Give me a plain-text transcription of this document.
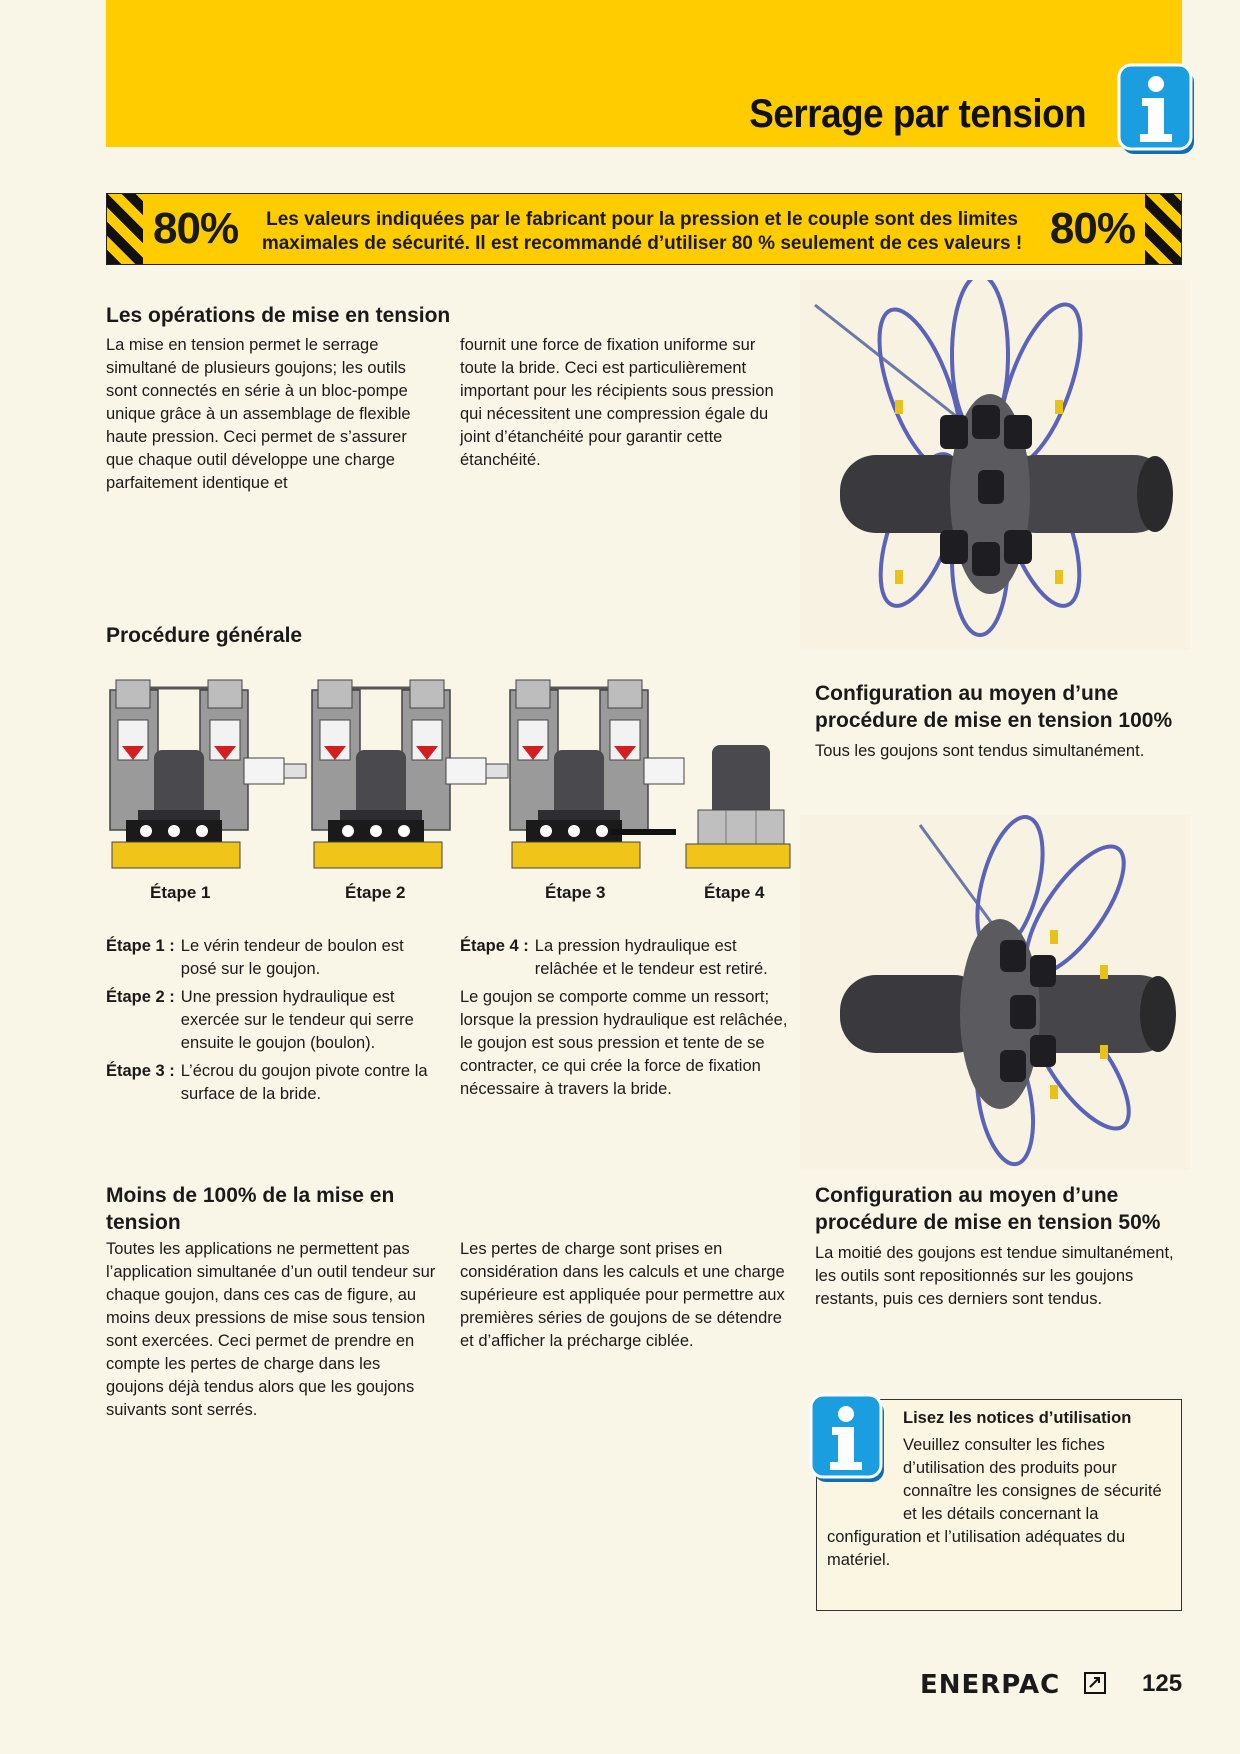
Serrage par tension
80%	Les valeurs indiquées par le fabricant pour la pression et le couple sont des limites
maximales de sécurité. Il est recommandé d’utiliser 80 % seulement de ces valeurs ! 80%
Les opérations de mise en tension
La mise en tension permet le serrage simultané de plusieurs goujons; les outils sont connectés en série à un bloc-pompe unique grâce à un assemblage de flexible haute pression. Ceci permet de s’assurer que chaque outil développe une charge parfaitement identique et
fournit une force de fixation uniforme sur toute la bride. Ceci est particulièrement important pour les récipients sous pression qui nécessitent une compression égale du joint d’étanchéité pour garantir cette étanchéité.
Procédure générale
Étape 1	Étape 2	Étape 3	Étape 4
Étape 1 : Le vérin tendeur de boulon est posé sur le goujon.
Étape 2 : Une pression hydraulique est exercée sur le tendeur qui serre ensuite le goujon (boulon).
Étape 3 : L’écrou du goujon pivote contre la surface de la bride.
Étape 4 : La pression hydraulique est relâchée et le tendeur est retiré.
Le goujon se comporte comme un ressort; lorsque la pression hydraulique est relâchée, le goujon est sous pression et tente de se contracter, ce qui crée la force de fixation nécessaire à travers la bride.
Configuration au moyen d’une procédure de mise en tension 100%
Tous les goujons sont tendus simultanément.
Configuration au moyen d’une procédure de mise en tension 50%
La moitié des goujons est tendue simultanément, les outils sont repositionnés sur les goujons restants, puis ces derniers sont tendus.
Moins de 100% de la mise en tension
Toutes les applications ne permettent pas l’application simultanée d’un outil tendeur sur chaque goujon, dans ces cas de figure, au moins deux pressions de mise sous tension sont exercées. Ceci permet de prendre en compte les pertes de charge dans les goujons déjà tendus alors que les goujons suivants sont serrés.
Les pertes de charge sont prises en considération dans les calculs et une charge supérieure est appliquée pour permettre aux premières séries de goujons de se détendre et d’afficher la précharge ciblée.
Lisez les notices d’utilisation
Veuillez consulter les fiches d’utilisation des produits pour connaître les consignes de sécurité et les détails concernant la configuration et l’utilisation adéquates du matériel.
ENERPAC	125
